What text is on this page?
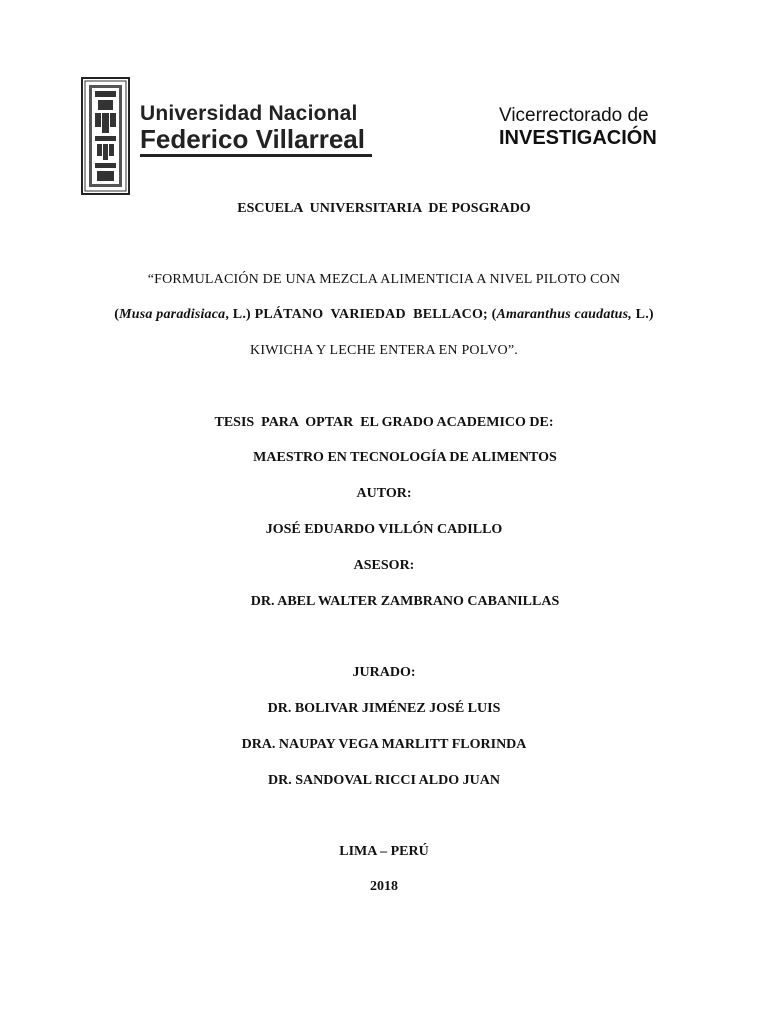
Universidad Nacional
Federico Villarreal
Vicerrectorado de
INVESTIGACIÓN
ESCUELA  UNIVERSITARIA  DE POSGRADO
“FORMULACIÓN DE UNA MEZCLA ALIMENTICIA A NIVEL PILOTO CON
(Musa paradisiaca, L.) PLÁTANO  VARIEDAD  BELLACO; (Amaranthus caudatus, L.)
KIWICHA Y LECHE ENTERA EN POLVO”.
TESIS  PARA  OPTAR  EL GRADO ACADEMICO DE:
MAESTRO EN TECNOLOGÍA DE ALIMENTOS
AUTOR:
JOSÉ EDUARDO VILLÓN CADILLO
ASESOR:
DR. ABEL WALTER ZAMBRANO CABANILLAS
JURADO:
DR. BOLIVAR JIMÉNEZ JOSÉ LUIS
DRA. NAUPAY VEGA MARLITT FLORINDA
DR. SANDOVAL RICCI ALDO JUAN
LIMA – PERÚ
2018
